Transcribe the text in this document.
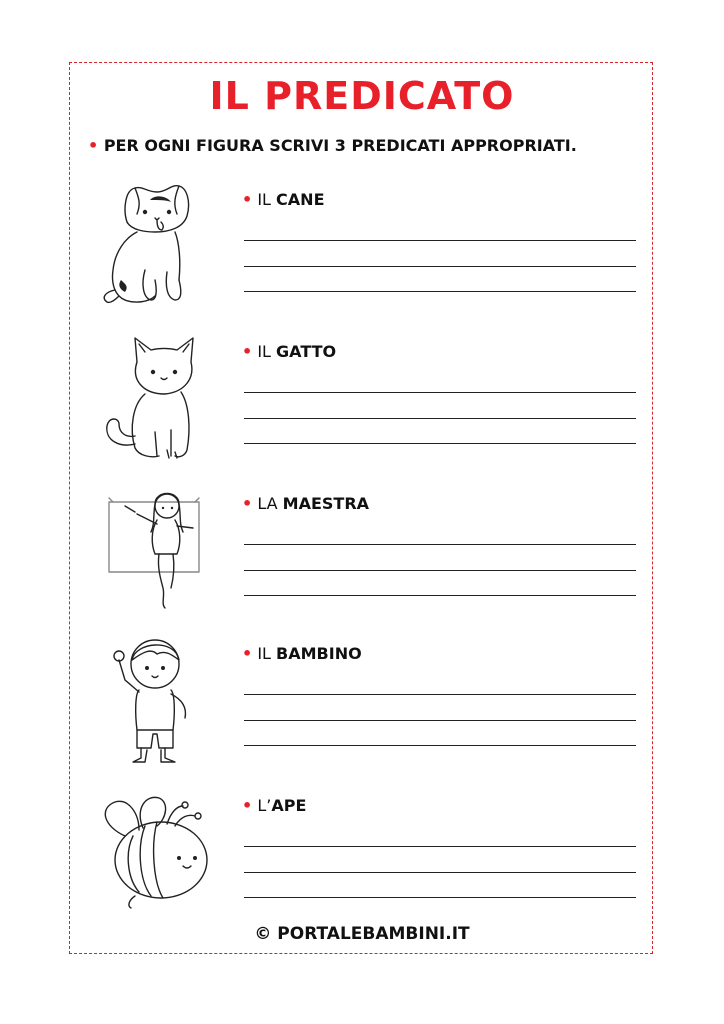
IL PREDICATO
• PER OGNI FIGURA SCRIVI 3 PREDICATI APPROPRIATI.
• IL CANE
• IL GATTO
• LA MAESTRA
• IL BAMBINO
• L’APE
© PORTALEBAMBINI.IT
